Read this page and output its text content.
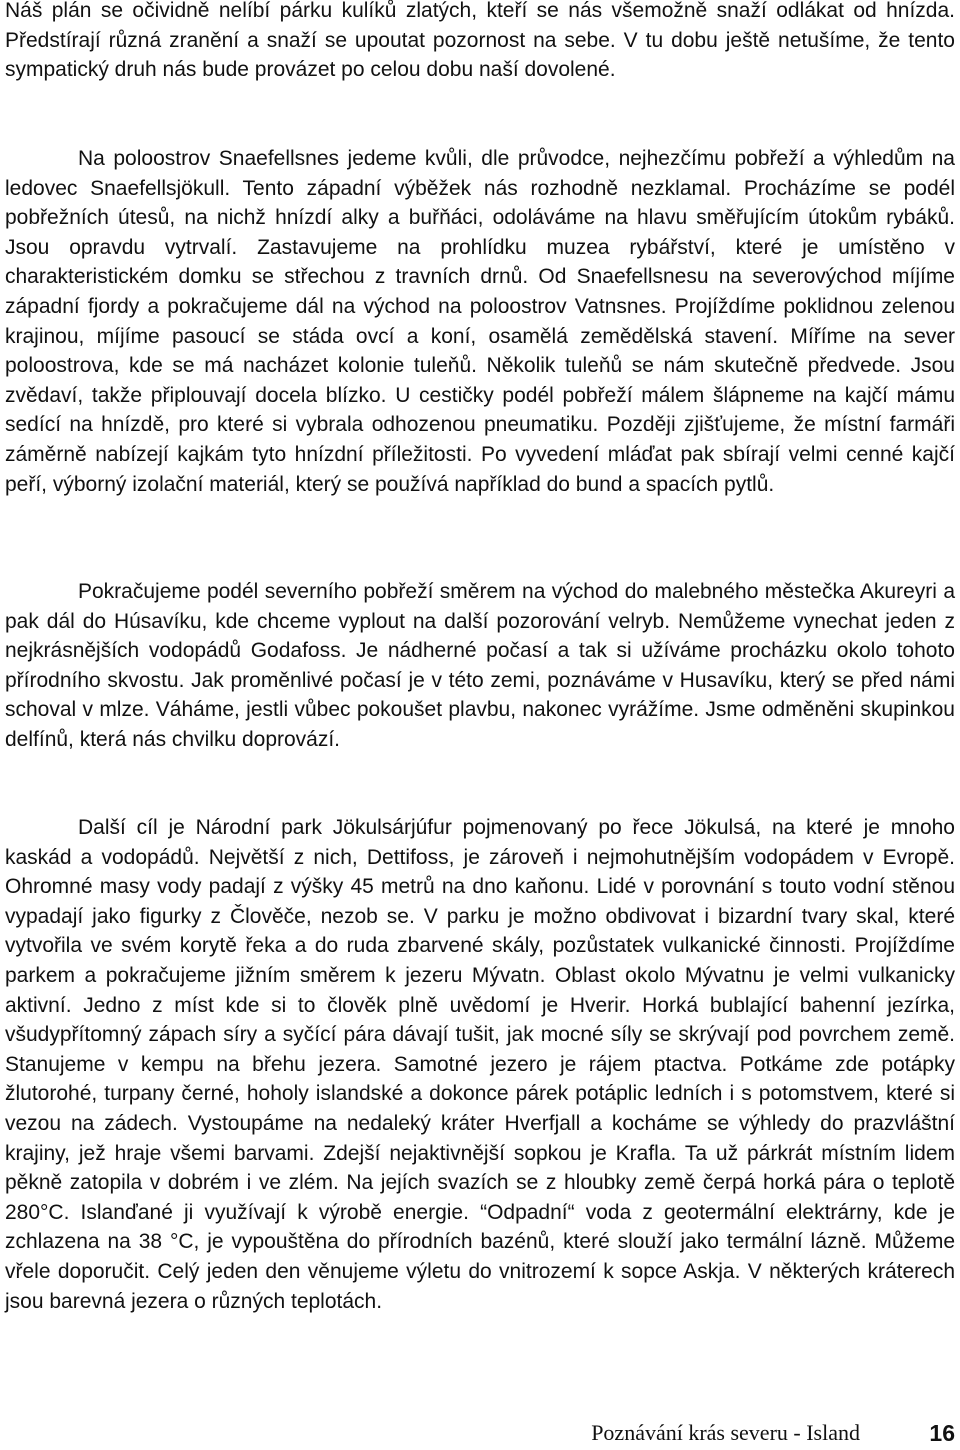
Náš plán se očividně nelíbí párku kulíků zlatých, kteří se nás všemožně snaží odlákat od hnízda. Předstírají různá zranění a snaží se upoutat pozornost na sebe. V tu dobu ještě netušíme, že tento sympatický druh nás bude provázet po celou dobu naší dovolené.

Na poloostrov Snaefellsnes jedeme kvůli, dle průvodce, nejhezčímu pobřeží a výhledům na ledovec Snaefellsjökull. Tento západní výběžek nás rozhodně nezklamal. Procházíme se podél pobřežních útesů, na nichž hnízdí alky a buřňáci, odoláváme na hlavu směřujícím útokům rybáků. Jsou opravdu vytrvalí. Zastavujeme na prohlídku muzea rybářství, které je umístěno v charakteristickém domku se střechou z travních drnů. Od Snaefellsnesu na severovýchod míjíme západní fjordy a pokračujeme dál na východ na poloostrov Vatnsnes. Projíždíme poklidnou zelenou krajinou, míjíme pasoucí se stáda ovcí a koní, osamělá zemědělská stavení. Míříme na sever poloostrova, kde se má nacházet kolonie tuleňů. Několik tuleňů se nám skutečně předvede. Jsou zvědaví, takže připlouvají docela blízko. U cestičky podél pobřeží málem šlápneme na kajčí mámu sedící na hnízdě, pro které si vybrala odhozenou pneumatiku. Později zjišťujeme, že místní farmáři záměrně nabízejí kajkám tyto hnízdní příležitosti. Po vyvedení mláďat pak sbírají velmi cenné kajčí peří, výborný izolační materiál, který se používá například do bund a spacích pytlů.

Pokračujeme podél severního pobřeží směrem na východ do malebného městečka Akureyri a pak dál do Húsavíku, kde chceme vyplout na další pozorování velryb. Nemůžeme vynechat jeden z nejkrásnějších vodopádů Godafoss. Je nádherné počasí a tak si užíváme procházku okolo tohoto přírodního skvostu. Jak proměnlivé počasí je v této zemi, poznáváme v Husavíku, který se před námi schoval v mlze. Váháme, jestli vůbec pokoušet plavbu, nakonec vyrážíme. Jsme odměněni skupinkou delfínů, která nás chvilku doprovází.

Další cíl je Národní park Jökulsárjúfur pojmenovaný po řece Jökulsá, na které je mnoho kaskád a vodopádů. Největší z nich, Dettifoss, je zároveň i nejmohutnějším vodopádem v Evropě. Ohromné masy vody padají z výšky 45 metrů na dno kaňonu. Lidé v porovnání s touto vodní stěnou vypadají jako figurky z Člověče, nezob se. V parku je možno obdivovat i bizardní tvary skal, které vytvořila ve svém korytě řeka a do ruda zbarvené skály, pozůstatek vulkanické činnosti. Projíždíme parkem a pokračujeme jižním směrem k jezeru Mývatn. Oblast okolo Mývatnu je velmi vulkanicky aktivní. Jedno z míst kde si to člověk plně uvědomí je Hverir. Horká bublající bahenní jezírka, všudypřítomný zápach síry a syčící pára dávají tušit, jak mocné síly se skrývají pod povrchem země. Stanujeme v kempu na břehu jezera. Samotné jezero je rájem ptactva. Potkáme zde potápky žlutorohé, turpany černé, hoholy islandské a dokonce párek potáplic ledních i s potomstvem, které si vezou na zádech. Vystoupáme na nedaleký kráter Hverfjall a kocháme se výhledy do prazvláštní krajiny, jež hraje všemi barvami. Zdejší nejaktivnější sopkou je Krafla. Ta už párkrát místním lidem pěkně zatopila v dobrém i ve zlém. Na jejích svazích se z hloubky země čerpá horká pára o teplotě 280°C. Islanďané ji využívají k výrobě energie. “Odpadní“ voda z geotermální elektrárny, kde je zchlazena na 38 °C, je vypouštěna do přírodních bazénů, které slouží jako termální lázně. Můžeme vřele doporučit. Celý jeden den věnujeme výletu do vnitrozemí k sopce Askja. V některých kráterech jsou barevná jezera o různých teplotách.

Poznávání krás severu - Island	16
